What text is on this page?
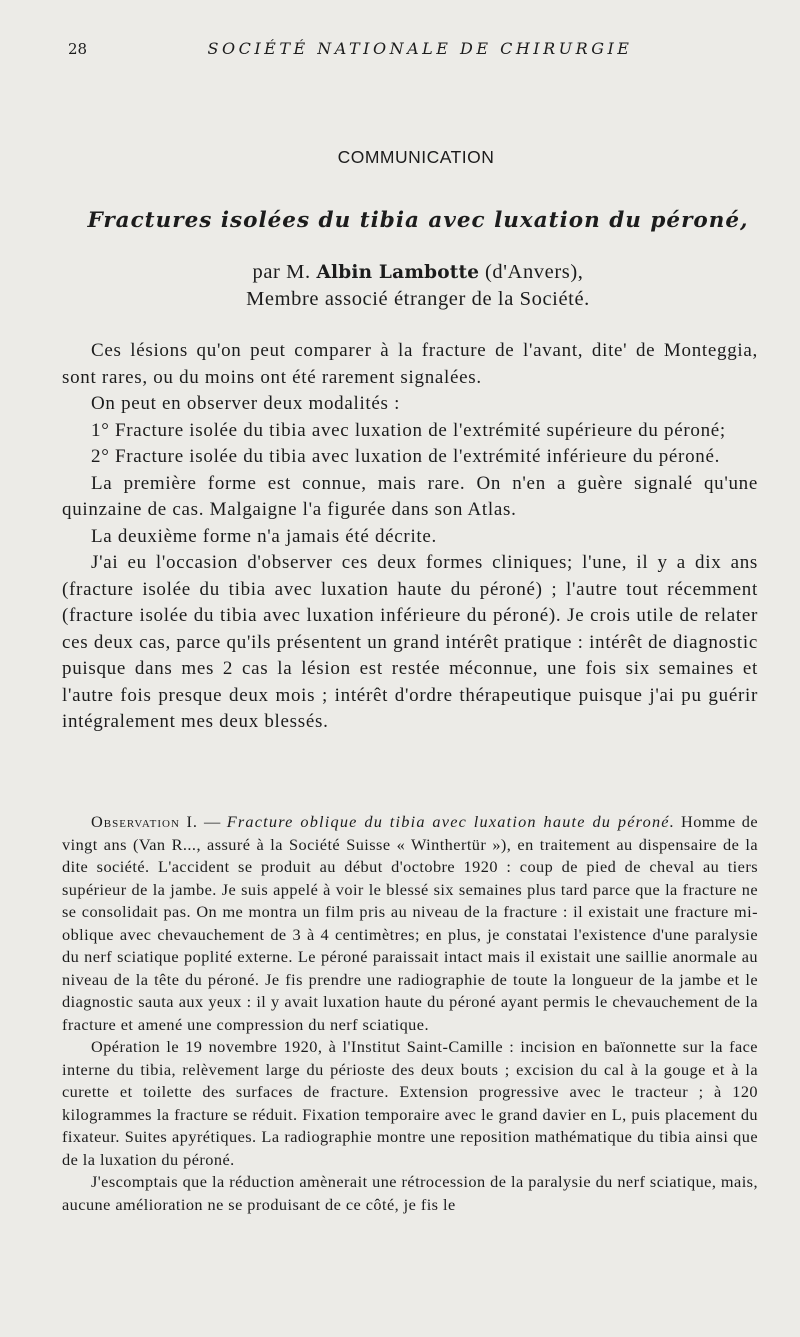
28	SOCIÉTÉ NATIONALE DE CHIRURGIE
COMMUNICATION
Fractures isolées du tibia avec luxation du péroné,
par M. Albin Lambotte (d'Anvers),
Membre associé étranger de la Société.

Ces lésions qu'on peut comparer à la fracture de l'avant, dite' de Monteggia, sont rares, ou du moins ont été rarement signalées.

On peut en observer deux modalités :

1° Fracture isolée du tibia avec luxation de l'extrémité supérieure du péroné;

2° Fracture isolée du tibia avec luxation de l'extrémité inférieure du péroné.

La première forme est connue, mais rare. On n'en a guère signalé qu'une quinzaine de cas. Malgaigne l'a figurée dans son Atlas.

La deuxième forme n'a jamais été décrite.

J'ai eu l'occasion d'observer ces deux formes cliniques; l'une, il y a dix ans (fracture isolée du tibia avec luxation haute du péroné) ; l'autre tout récemment (fracture isolée du tibia avec luxation inférieure du péroné). Je crois utile de relater ces deux cas, parce qu'ils présentent un grand intérêt pratique : intérêt de diagnostic puisque dans mes 2 cas la lésion est restée méconnue, une fois six semaines et l'autre fois presque deux mois ; intérêt d'ordre thérapeutique puisque j'ai pu guérir intégralement mes deux blessés.

Observation I. — Fracture oblique du tibia avec luxation haute du péroné. Homme de vingt ans (Van R..., assuré à la Société Suisse « Winthertür »), en traitement au dispensaire de la dite société. L'accident se produit au début d'octobre 1920 : coup de pied de cheval au tiers supérieur de la jambe. Je suis appelé à voir le blessé six semaines plus tard parce que la fracture ne se consolidait pas. On me montra un film pris au niveau de la fracture : il existait une fracture mi-oblique avec chevauchement de 3 à 4 centimètres; en plus, je constatai l'existence d'une paralysie du nerf sciatique poplité externe. Le péroné paraissait intact mais il existait une saillie anormale au niveau de la tête du péroné. Je fis prendre une radiographie de toute la longueur de la jambe et le diagnostic sauta aux yeux : il y avait luxation haute du péroné ayant permis le chevauchement de la fracture et amené une compression du nerf sciatique.

Opération le 19 novembre 1920, à l'Institut Saint-Camille : incision en baïonnette sur la face interne du tibia, relèvement large du périoste des deux bouts ; excision du cal à la gouge et à la curette et toilette des surfaces de fracture. Extension progressive avec le tracteur ; à 120 kilogrammes la fracture se réduit. Fixation temporaire avec le grand davier en L, puis placement du fixateur. Suites apyrétiques. La radiographie montre une reposition mathématique du tibia ainsi que de la luxation du péroné.

J'escomptais que la réduction amènerait une rétrocession de la paralysie du nerf sciatique, mais, aucune amélioration ne se produisant de ce côté, je fis le
